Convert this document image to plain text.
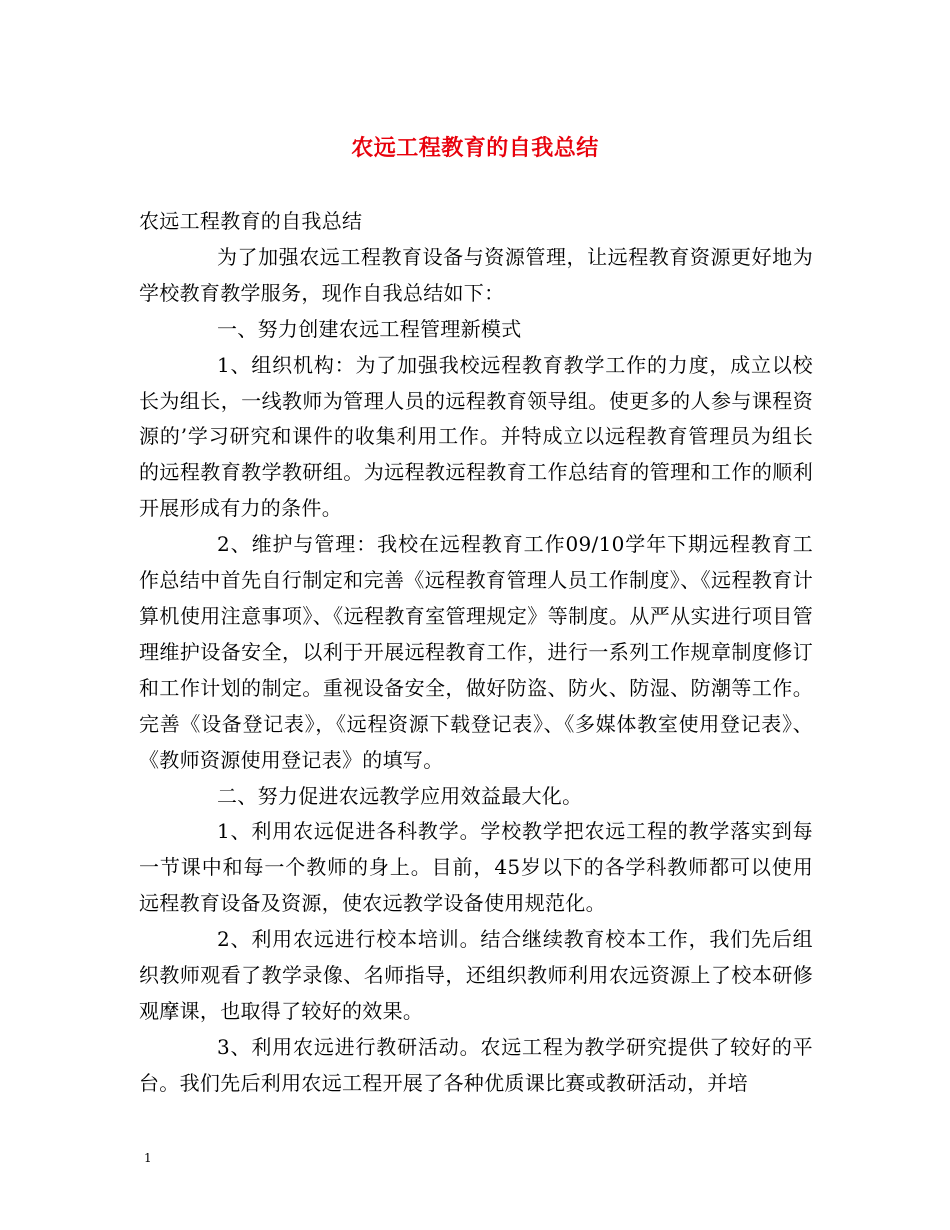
农远工程教育的自我总结

农远工程教育的自我总结

为了加强农远工程教育设备与资源管理，让远程教育资源更好地为学校教育教学服务，现作自我总结如下：

一、努力创建农远工程管理新模式

1、组织机构：为了加强我校远程教育教学工作的力度，成立以校长为组长，一线教师为管理人员的远程教育领导组。使更多的人参与课程资源的’学习研究和课件的收集利用工作。并特成立以远程教育管理员为组长的远程教育教学教研组。为远程教远程教育工作总结育的管理和工作的顺利开展形成有力的条件。

2、维护与管理：我校在远程教育工作09/10学年下期远程教育工作总结中首先自行制定和完善《远程教育管理人员工作制度》、《远程教育计算机使用注意事项》、《远程教育室管理规定》等制度。从严从实进行项目管理维护设备安全，以利于开展远程教育工作，进行一系列工作规章制度修订和工作计划的制定。重视设备安全，做好防盗、防火、防湿、防潮等工作。完善《设备登记表》，《远程资源下载登记表》、《多媒体教室使用登记表》、《教师资源使用登记表》的填写。

二、努力促进农远教学应用效益最大化。

1、利用农远促进各科教学。学校教学把农远工程的教学落实到每一节课中和每一个教师的身上。目前，45岁以下的各学科教师都可以使用远程教育设备及资源，使农远教学设备使用规范化。

2、利用农远进行校本培训。结合继续教育校本工作，我们先后组织教师观看了教学录像、名师指导，还组织教师利用农远资源上了校本研修观摩课，也取得了较好的效果。

3、利用农远进行教研活动。农远工程为教学研究提供了较好的平台。我们先后利用农远工程开展了各种优质课比赛或教研活动，并培

1
